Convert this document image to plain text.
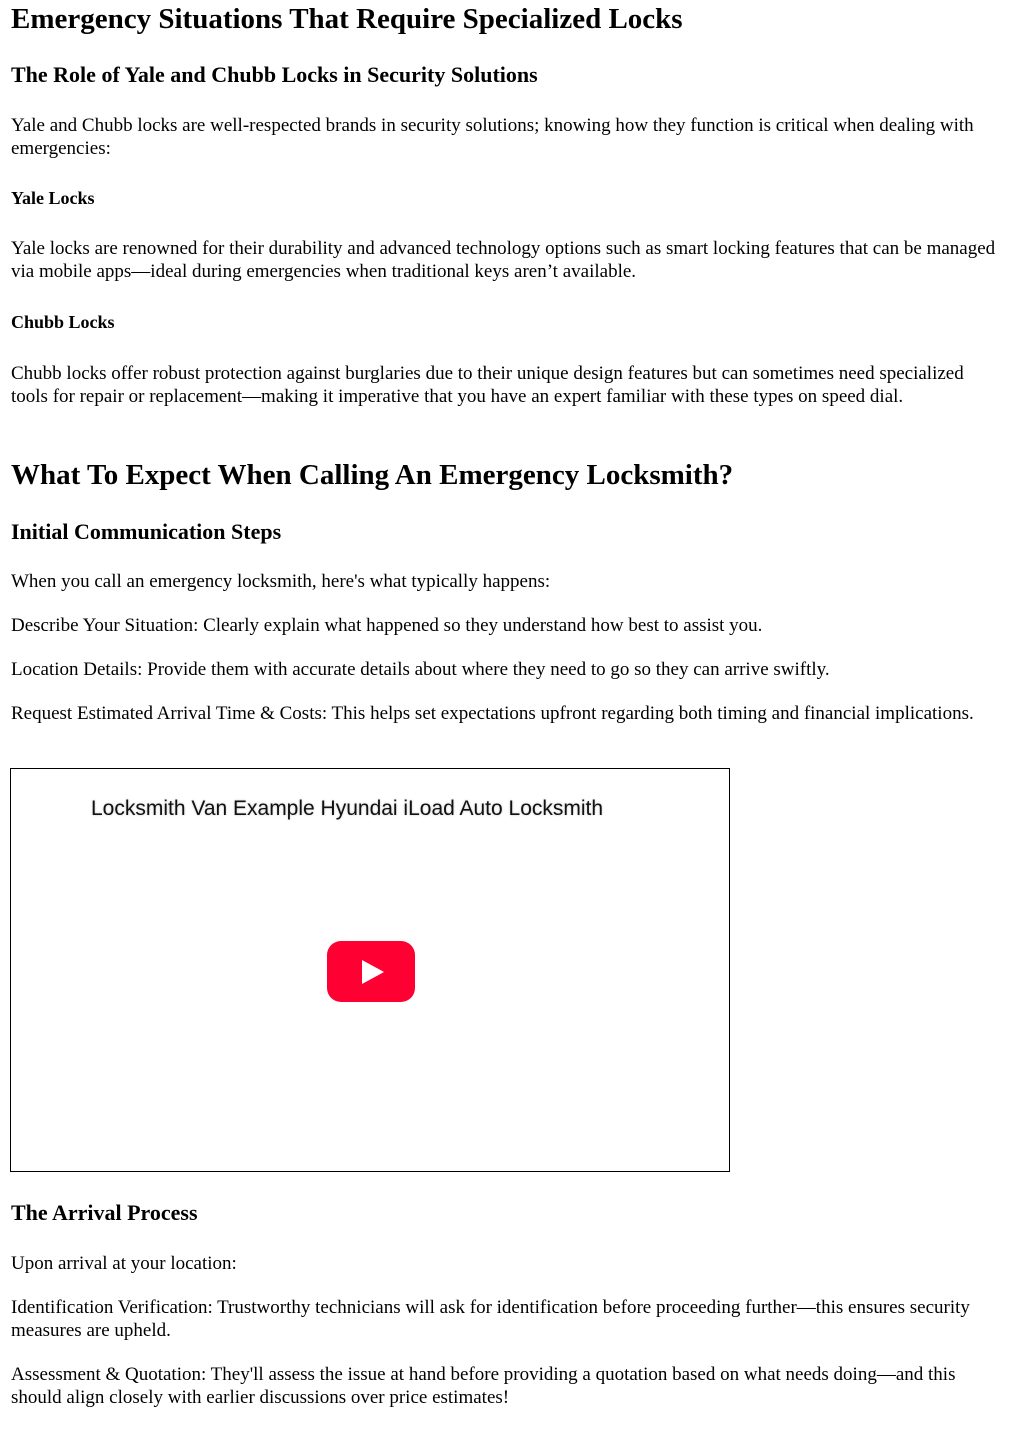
Emergency Situations That Require Specialized Locks
The Role of Yale and Chubb Locks in Security Solutions

Yale and Chubb locks are well-respected brands in security solutions; knowing how they function is critical when dealing with emergencies:

Yale Locks

Yale locks are renowned for their durability and advanced technology options such as smart locking features that can be managed via mobile apps—ideal during emergencies when traditional keys aren’t available.

Chubb Locks

Chubb locks offer robust protection against burglaries due to their unique design features but can sometimes need specialized tools for repair or replacement—making it imperative that you have an expert familiar with these types on speed dial.

What To Expect When Calling An Emergency Locksmith?
Initial Communication Steps

When you call an emergency locksmith, here's what typically happens:

Describe Your Situation: Clearly explain what happened so they understand how best to assist you.

Location Details: Provide them with accurate details about where they need to go so they can arrive swiftly.

Request Estimated Arrival Time & Costs: This helps set expectations upfront regarding both timing and financial implications.

Locksmith Van Example Hyundai iLoad Auto Locksmith
The Arrival Process

Upon arrival at your location:

Identification Verification: Trustworthy technicians will ask for identification before proceeding further—this ensures security measures are upheld.

Assessment & Quotation: They'll assess the issue at hand before providing a quotation based on what needs doing—and this should align closely with earlier discussions over price estimates!
